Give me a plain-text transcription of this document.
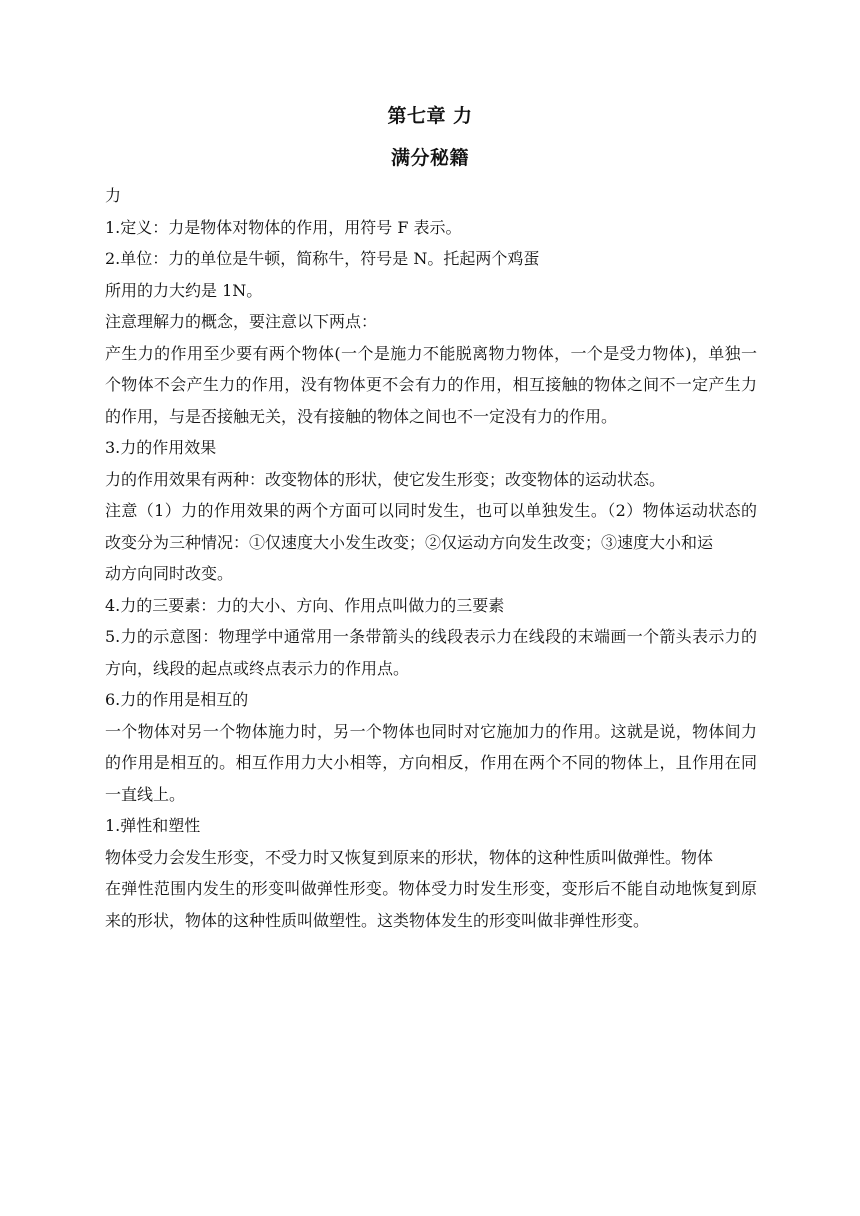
第七章 力
满分秘籍

力

1.定义：力是物体对物体的作用，用符号 F 表示。

2.单位：力的单位是牛顿，简称牛，符号是 N。托起两个鸡蛋

所用的力大约是 1N。

注意理解力的概念，要注意以下两点：

产生力的作用至少要有两个物体(一个是施力不能脱离物力物体，一个是受力物体)，单独一个物体不会产生力的作用，没有物体更不会有力的作用，相互接触的物体之间不一定产生力的作用，与是否接触无关，没有接触的物体之间也不一定没有力的作用。

3.力的作用效果

力的作用效果有两种：改变物体的形状，使它发生形变；改变物体的运动状态。

注意（1）力的作用效果的两个方面可以同时发生，也可以单独发生。（2）物体运动状态的改变分为三种情况：①仅速度大小发生改变；②仅运动方向发生改变；③速度大小和运

动方向同时改变。

4.力的三要素：力的大小、方向、作用点叫做力的三要素

5.力的示意图：物理学中通常用一条带箭头的线段表示力在线段的末端画一个箭头表示力的方向，线段的起点或终点表示力的作用点。

6.力的作用是相互的

一个物体对另一个物体施力时，另一个物体也同时对它施加力的作用。这就是说，物体间力的作用是相互的。相互作用力大小相等，方向相反，作用在两个不同的物体上，且作用在同一直线上。

1.弹性和塑性

物体受力会发生形变，不受力时又恢复到原来的形状，物体的这种性质叫做弹性。物体

在弹性范围内发生的形变叫做弹性形变。物体受力时发生形变，变形后不能自动地恢复到原来的形状，物体的这种性质叫做塑性。这类物体发生的形变叫做非弹性形变。
